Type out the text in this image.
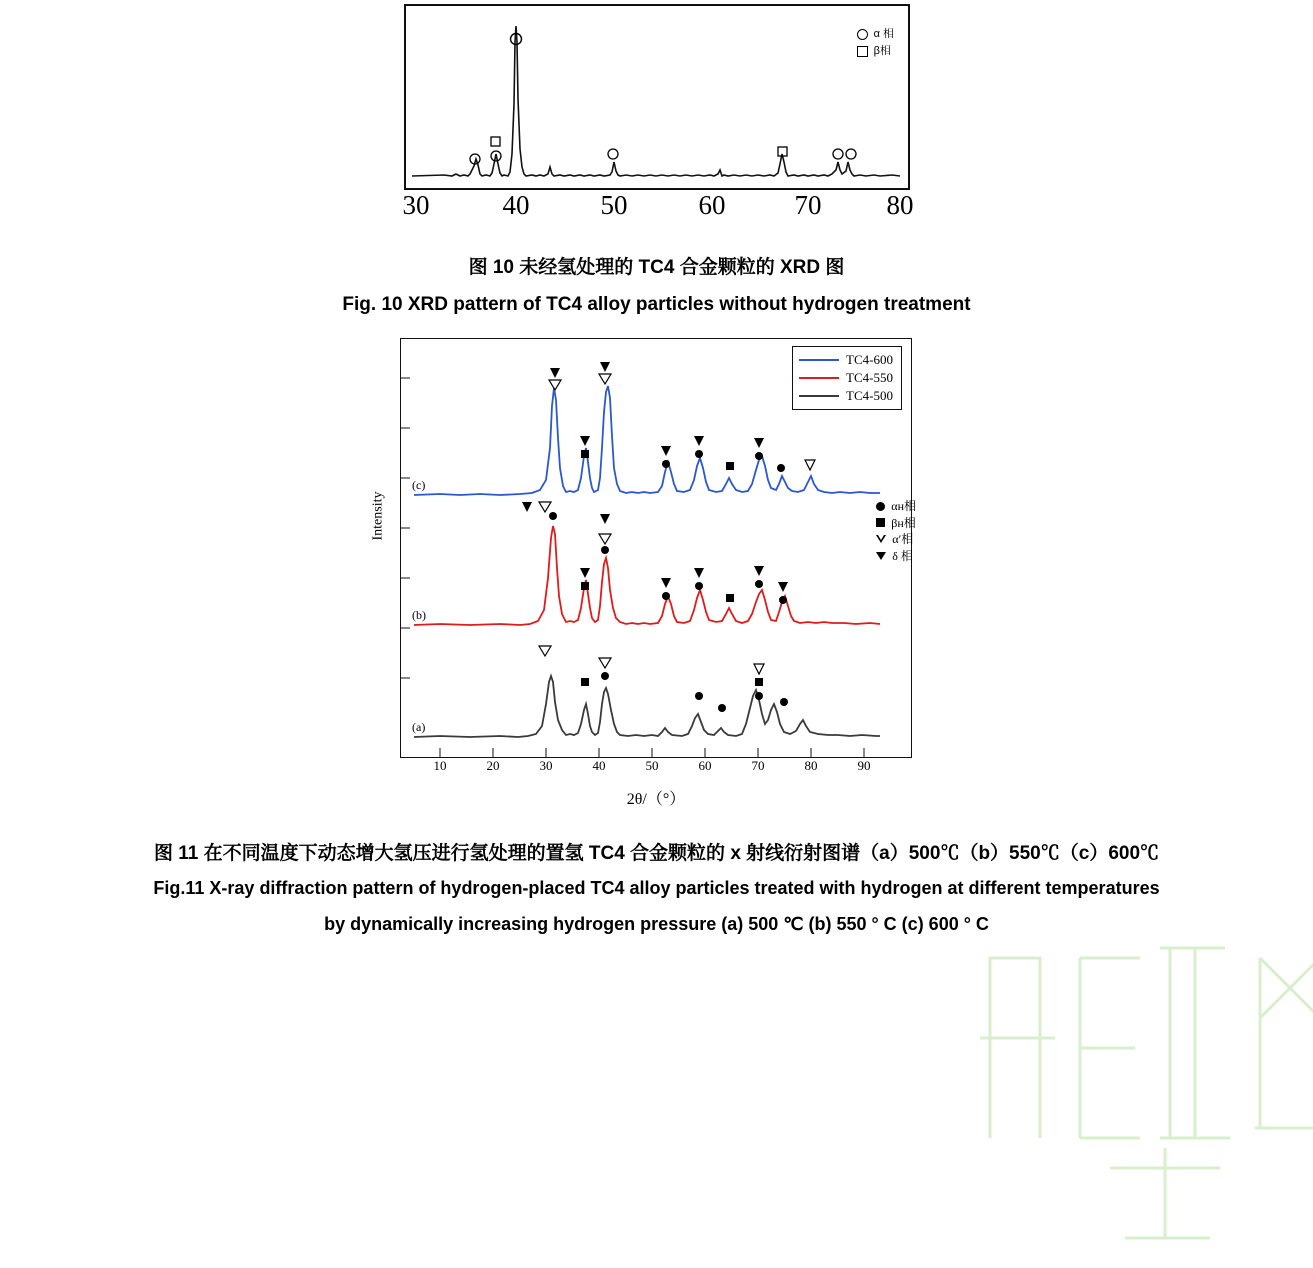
α 相
β相
30	40	50	60	70 80
图 10 未经氢处理的 TC4 合金颗粒的 XRD 图
Fig. 10 XRD pattern of TC4 alloy particles without hydrogen treatment
TC4-600
TC4-550
TC4-500
αн相
βн相
α′相
δ 相
Intensity
(c)
(b)
(a)
10	20	30	40	50	60	70	80	90
2θ/（°）
图 11 在不同温度下动态增大氢压进行氢处理的置氢 TC4 合金颗粒的 x 射线衍射图谱（a）500℃（b）550℃（c）600℃
Fig.11 X-ray diffraction pattern of hydrogen-placed TC4 alloy particles treated with hydrogen at different temperatures
by dynamically increasing hydrogen pressure (a) 500 ℃ (b) 550 ° C (c) 600 ° C
